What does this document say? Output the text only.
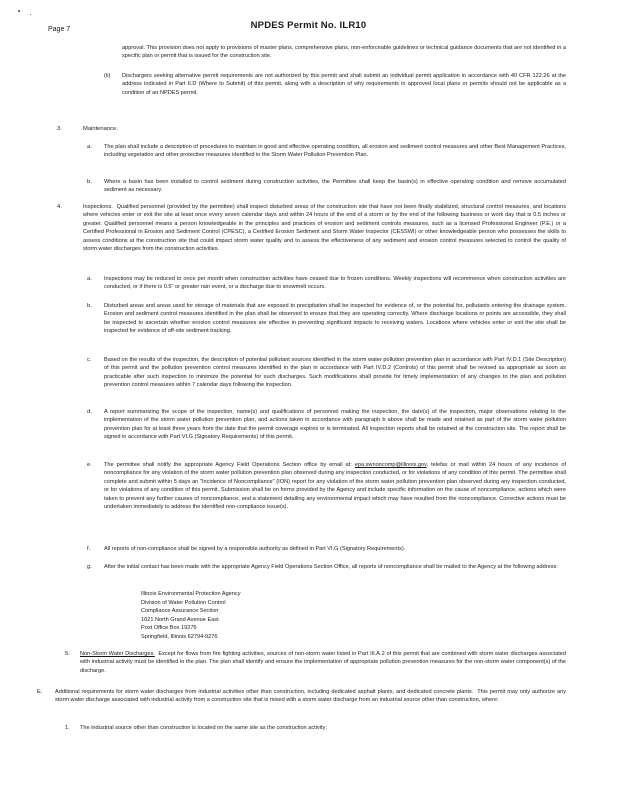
Page 7	NPDES Permit No. ILR10
approval. This provision does not apply to provisions of master plans, comprehensive plans, non-enforceable guidelines or technical guidance documents that are not identified in a specific plan or permit that is issued for the construction site.
(ii) Dischargers seeking alternative permit requirements are not authorized by this permit and shall submit an individual permit application in accordance with 40 CFR 122.26 at the address indicated in Part II.D (Where to Submit) of this permit, along with a description of why requirements in approved local plans or permits should not be applicable as a condition of an NPDES permit.
3.	Maintenance.
a. The plan shall include a description of procedures to maintain in good and effective operating condition, all erosion and sediment control measures and other Best Management Practices, including vegetation and other protective measures identified in the Storm Water Pollution Prevention Plan.
b. Where a basin has been installed to control sediment during construction activities, the Permittee shall keep the basin(s) in effective operating condition and remove accumulated sediment as necessary.
4.	Inspections. Qualified personnel (provided by the permittee) shall inspect disturbed areas of the construction site that have not been finally stabilized, structural control measures, and locations where vehicles enter or exit the site at least once every seven calendar days and within 24 hours of the end of a storm or by the end of the following business or work day that is 0.5 inches or greater. Qualified personnel means a person knowledgeable in the principles and practices of erosion and sediment controls measures, such as a licensed Professional Engineer (P.E.) or a Certified Professional in Erosion and Sediment Control (CPESC), a Certified Erosion Sediment and Storm Water Inspector (CESSWI) or other knowledgeable person who possesses the skills to assess conditions at the construction site that could impact storm water quality and to assess the effectiveness of any sediment and erosion control measures selected to control the quality of storm water discharges from the construction activities.
a. Inspections may be reduced to once per month when construction activities have ceased due to frozen conditions. Weekly inspections will recommence when construction activities are conducted, or if there is 0.5" or greater rain event, or a discharge due to snowmelt occurs.
b. Disturbed areas and areas used for storage of materials that are exposed to precipitation shall be inspected for evidence of, or the potential for, pollutants entering the drainage system. Erosion and sediment control measures identified in the plan shall be observed to ensure that they are operating correctly. Where discharge locations or points are accessible, they shall be inspected to ascertain whether erosion control measures are effective in preventing significant impacts to receiving waters. Locations where vehicles enter or exit the site shall be inspected for evidence of off-site sediment tracking.
c. Based on the results of the inspection, the description of potential pollutant sources identified in the storm water pollution prevention plan in accordance with Part IV.D.1 (Site Description) of this permit and the pollution prevention control measures identified in the plan in accordance with Part IV.D.2 (Controls) of this permit shall be revised as appropriate as soon as practicable after such inspection to minimize the potential for such discharges. Such modifications shall provide for timely implementation of any changes to the plan and pollution prevention control measures within 7 calendar days following the inspection.
d. A report summarizing the scope of the inspection, name(s) and qualifications of personnel making the inspection, the date(s) of the inspection, major observations relating to the implementation of the storm water pollution prevention plan, and actions taken in accordance with paragraph b above shall be made and retained as part of the storm water pollution prevention plan for at least three years from the date that the permit coverage expires or is terminated. All inspection reports shall be retained at the construction site. The report shall be signed in accordance with Part VI.G (Signatory Requirements) of this permit.
e. The permittee shall notify the appropriate Agency Field Operations Section office by email at: epa.swnoncomp@illinois.gov, telefax or mail within 24 hours of any incidence of noncompliance for any violation of the storm water pollution prevention plan observed during any inspection conducted, or for violations of any condition of this permit. The permittee shall complete and submit within 5 days an "Incidence of Noncompliance" (ION) report for any violation of the storm water pollution prevention plan observed during any inspection conducted, or for violations of any condition of this permit. Submission shall be on forms provided by the Agency and include specific information on the cause of noncompliance, actions which were taken to prevent any further causes of noncompliance, and a statement detailing any environmental impact which may have resulted from the noncompliance. Corrective actions must be undertaken immediately to address the identified non-compliance issue(s).
f. All reports of non-compliance shall be signed by a responsible authority as defined in Part VI.G (Signatory Requirements).
g. After the initial contact has been made with the appropriate Agency Field Operations Section Office, all reports of noncompliance shall be mailed to the Agency at the following address:
Illinois Environmental Protection Agency
Division of Water Pollution Control
Compliance Assurance Section
1021 North Grand Avenue East
Post Office Box 19276
Springfield, Illinois 62794-9276
5. Non-Storm Water Discharges. Except for flows from fire fighting activities, sources of non-storm water listed in Part III.A.2 of this permit that are combined with storm water discharges associated with industrial activity must be identified in the plan. The plan shall identify and ensure the implementation of appropriate pollution prevention measures for the non-storm water component(s) of the discharge.
E. Additional requirements for storm water discharges from industrial activities other than construction, including dedicated asphalt plants, and dedicated concrete plants. This permit may only authorize any storm water discharge associated with industrial activity from a construction site that is mixed with a storm water discharge from an industrial source other than construction, where:
1. The industrial source other than construction is located on the same site as the construction activity;
